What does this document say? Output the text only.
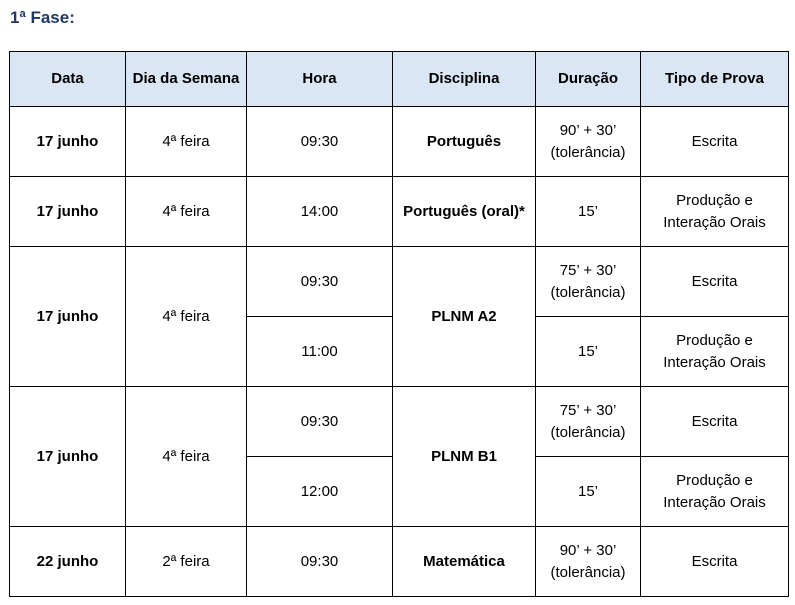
1ª Fase:
Data	Dia da Semana	Hora	Disciplina	Duração	Tipo de Prova
17 junho	4ª feira	09:30	Português	90’ + 30’ (tolerância)	Escrita
17 junho	4ª feira	14:00	Português (oral)*	15’	Produção e Interação Orais
17 junho	4ª feira	09:30	PLNM A2	75’ + 30’ (tolerância)	Escrita
		11:00		15’	Produção e Interação Orais
17 junho	4ª feira	09:30	PLNM B1	75’ + 30’ (tolerância)	Escrita
		12:00		15’	Produção e Interação Orais
22 junho	2ª feira	09:30	Matemática	90’ + 30’ (tolerância)	Escrita
